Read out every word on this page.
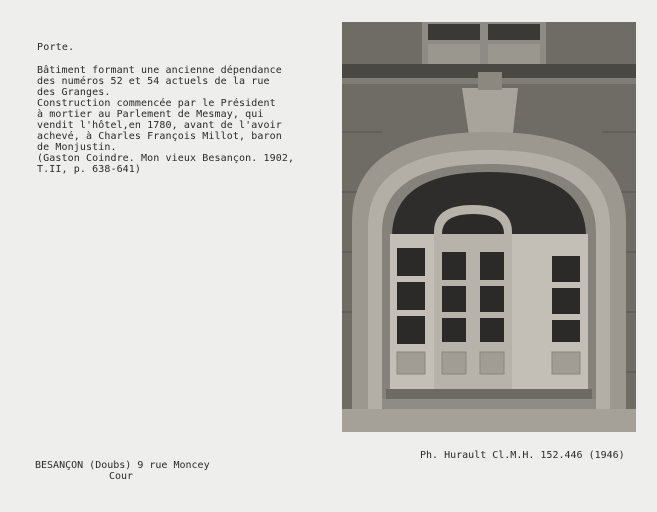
Porte.
Bâtiment formant une ancienne dépendance
des numéros 52 et 54 actuels de la rue
des Granges.
Construction commencée par le Président
à mortier au Parlement de Mesmay, qui
vendit l'hôtel,en 1780, avant de l'avoir
achevé, à Charles François Millot, baron
de Monjustin.
(Gaston Coindre. Mon vieux Besançon. 1902,
T.II, p. 638-641)
Ph. Hurault Cl.M.H. 152.446 (1946)
BESANÇON (Doubs) 9 rue Moncey
Cour
